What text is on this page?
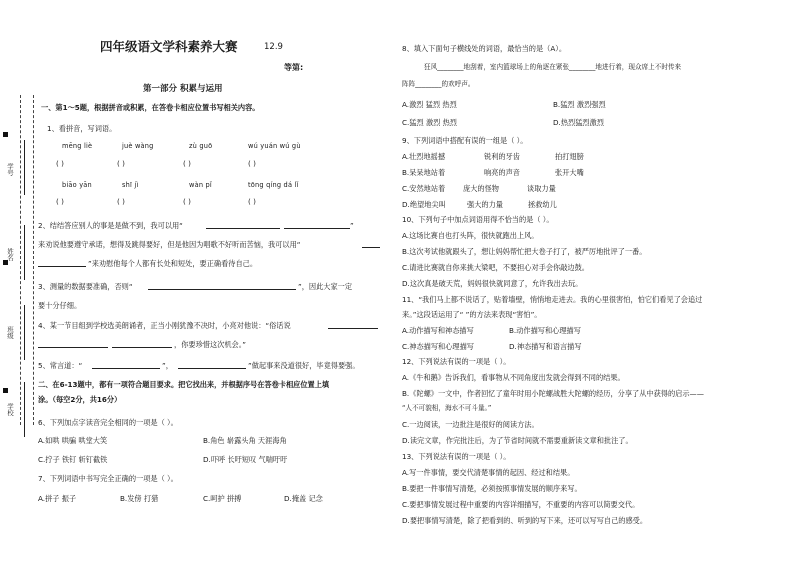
学号
姓名
班级
学校
四年级语文学科素养大赛	12.9
等第:
第一部分 积累与运用
一、第1～5题，根据拼音或积累，在答卷卡相应位置书写相关内容。
1、看拼音，写词语。
mēng liè	juè wàng	zù guō	wú yuán wú gù
( )	( )	( )	( )
biāo yān	shī jì	wàn pǐ	tōng qíng dá lǐ
( )	( )	( )	( )
2、结结答应别人的事是是做不到，我可以用“	”
来劝说他要遵守承诺，想得及跳得要好，但是他因为唱歌不好听而苦恼，我可以用“
”来劝慰他每个人都有长处和短处，要正确看待自己。
3、测量的数据要准确，否则“	”，因此大家一定
要十分仔细。
4、某一节目组到学校选美朗诵者，正当小刚犹豫不决时，小亮对他说：“俗话说
，你要珍惜这次机会。”
5、常言道：“	”，	”做起事来没道很好，毕竟得要强。
二、在6-13题中，都有一项符合题目要求。把它找出来，并根据序号在答卷卡相应位置上填
涂。（每空2分，共16分）
6、下列加点字读音完全相同的一项是（ ）。
A.如哄 哄骗 哄堂大笑	B.角色 崭露头角 天涯海角
C.拧子 铁钉 斩钉截铁	D.吓呼 长吁短叹 气喘吁吁
7、下列词语中书写完全正确的一项是（ ）。
A.拼子 振子	B.发傍 打猎	C.呵护 拼搏	D.掩盖 记念
8、填入下面句子横线处的词语，最恰当的是（A）。
狂风________地刮着，室内篮球场上的角逐在紧张________地进行着，现众席上不时传来
阵阵________的欢呼声。
A.激烈 猛烈 热烈	B.猛烈 激烈强烈
C.猛烈 激烈 热烈	D.热烈猛烈激烈
9、下列词语中搭配有误的一组是（ ）。
A.壮烈地摇撼	锐利的牙齿	拍打翅膀
B.呆呆地站着	响亮的声音	张开大嘴
C.安然地站着 庞大的怪物	谈取力量
D.绝望地尖叫	强大的力量	拯救幼儿
10、下列句子中加点词语用得不恰当的是（ ）。
A.这场比赛自也打头阵，很快就跑出上风。
B.这次考试他就跟头了，想让妈妈帮忙把大卷子打了，被严厉地批评了一番。
C.请进比赛就自你来挑大梁吧，不要担心对手会你敲边鼓。
D.这次真是破天荒，妈妈很快就同意了，允许我出去玩。
11、“我们马上都不说话了，贴着墙壁，悄悄地走进去。我的心里很害怕，怕它们看见了会追过
来。”这段话运用了“ ”的方法来表现“害怕”。
A.动作描写和神态描写	B.动作描写和心理描写
C.神态描写和心理描写	D.神态描写和语言描写
12、下列说法有误的一项是（ ）。
A.《牛和鹅》告诉我们，看事物从不同角度出发就会得到不同的结果。
B.《陀螺》一文中，作者回忆了童年时用小陀螺战胜大陀螺的经历，分享了从中获得的启示——
“人不可貌相，海水不可斗量。”
C.一边阅读，一边批注是很好的阅读方法。
D.读完文章，作完批注后，为了节省时间就不需要重新读文章和批注了。
13、下列说法有误的一项是（ ）。
A.写一件事情，要交代清楚事情的起因、经过和结果。
B.要把一件事情写清楚，必须按照事情发展的顺序来写。
C.要把事情发展过程中重要的内容详细描写，不重要的内容可以简要交代。
D.要把事情写清楚，除了把看到的、听到的写下来，还可以写写自己的感受。
